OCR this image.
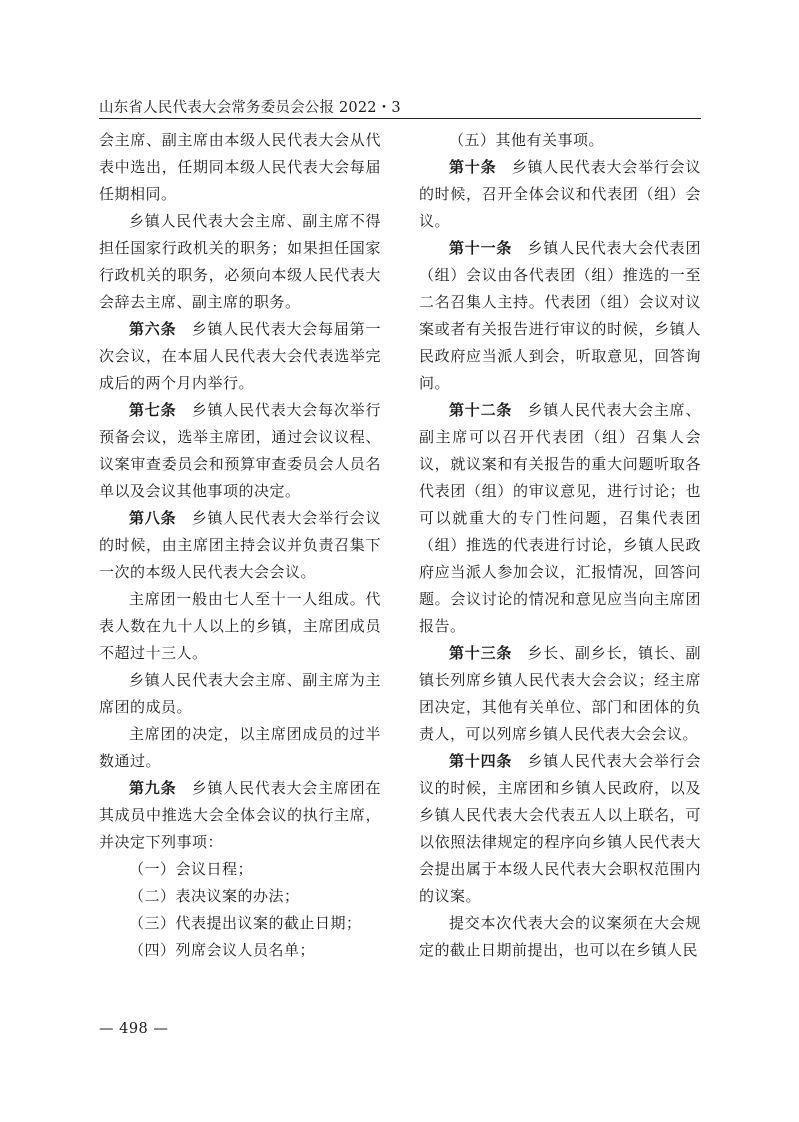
山东省人民代表大会常务委员会公报 2022・3

会主席、副主席由本级人民代表大会从代表中选出，任期同本级人民代表大会每届任期相同。

乡镇人民代表大会主席、副主席不得担任国家行政机关的职务；如果担任国家行政机关的职务，必须向本级人民代表大会辞去主席、副主席的职务。

第六条 乡镇人民代表大会每届第一次会议，在本届人民代表大会代表选举完成后的两个月内举行。

第七条 乡镇人民代表大会每次举行预备会议，选举主席团，通过会议议程、议案审查委员会和预算审查委员会人员名单以及会议其他事项的决定。

第八条 乡镇人民代表大会举行会议的时候，由主席团主持会议并负责召集下一次的本级人民代表大会会议。

主席团一般由七人至十一人组成。代表人数在九十人以上的乡镇，主席团成员不超过十三人。

乡镇人民代表大会主席、副主席为主席团的成员。

主席团的决定，以主席团成员的过半数通过。

第九条 乡镇人民代表大会主席团在其成员中推选大会全体会议的执行主席，并决定下列事项：

（一）会议日程；

（二）表决议案的办法；

（三）代表提出议案的截止日期；

（四）列席会议人员名单；

（五）其他有关事项。

第十条 乡镇人民代表大会举行会议的时候，召开全体会议和代表团（组）会议。

第十一条 乡镇人民代表大会代表团（组）会议由各代表团（组）推选的一至二名召集人主持。代表团（组）会议对议案或者有关报告进行审议的时候，乡镇人民政府应当派人到会，听取意见，回答询问。

第十二条 乡镇人民代表大会主席、副主席可以召开代表团（组）召集人会议，就议案和有关报告的重大问题听取各代表团（组）的审议意见，进行讨论；也可以就重大的专门性问题，召集代表团（组）推选的代表进行讨论，乡镇人民政府应当派人参加会议，汇报情况，回答问题。会议讨论的情况和意见应当向主席团报告。

第十三条 乡长、副乡长，镇长、副镇长列席乡镇人民代表大会会议；经主席团决定，其他有关单位、部门和团体的负责人，可以列席乡镇人民代表大会会议。

第十四条 乡镇人民代表大会举行会议的时候，主席团和乡镇人民政府，以及乡镇人民代表大会代表五人以上联名，可以依照法律规定的程序向乡镇人民代表大会提出属于本级人民代表大会职权范围内的议案。

提交本次代表大会的议案须在大会规定的截止日期前提出，也可以在乡镇人民

— 498 —
